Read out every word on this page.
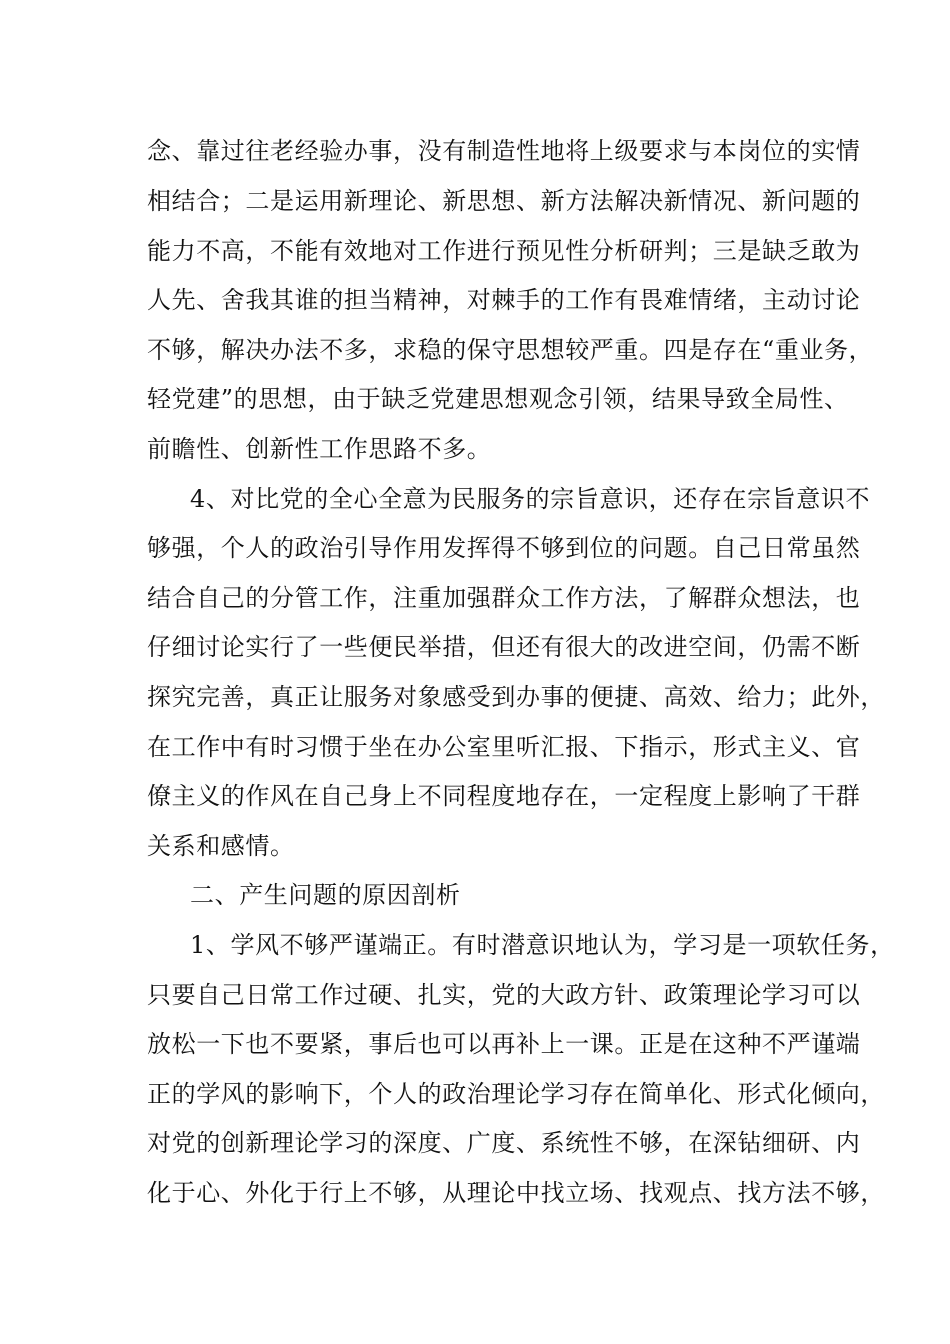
念、靠过往老经验办事，没有制造性地将上级要求与本岗位的实情
相结合；二是运用新理论、新思想、新方法解决新情况、新问题的
能力不高，不能有效地对工作进行预见性分析研判；三是缺乏敢为
人先、舍我其谁的担当精神，对棘手的工作有畏难情绪，主动讨论
不够，解决办法不多，求稳的保守思想较严重。四是存在“重业务，
轻党建”的思想，由于缺乏党建思想观念引领，结果导致全局性、
前瞻性、创新性工作思路不多。
4、对比党的全心全意为民服务的宗旨意识，还存在宗旨意识不
够强，个人的政治引导作用发挥得不够到位的问题。自己日常虽然
结合自己的分管工作，注重加强群众工作方法，了解群众想法，也
仔细讨论实行了一些便民举措，但还有很大的改进空间，仍需不断
探究完善，真正让服务对象感受到办事的便捷、高效、给力；此外，
在工作中有时习惯于坐在办公室里听汇报、下指示，形式主义、官
僚主义的作风在自己身上不同程度地存在，一定程度上影响了干群
关系和感情。
二、产生问题的原因剖析
1、学风不够严谨端正。有时潜意识地认为，学习是一项软任务，
只要自己日常工作过硬、扎实，党的大政方针、政策理论学习可以
放松一下也不要紧，事后也可以再补上一课。正是在这种不严谨端
正的学风的影响下，个人的政治理论学习存在简单化、形式化倾向，
对党的创新理论学习的深度、广度、系统性不够，在深钻细研、内
化于心、外化于行上不够，从理论中找立场、找观点、找方法不够，
